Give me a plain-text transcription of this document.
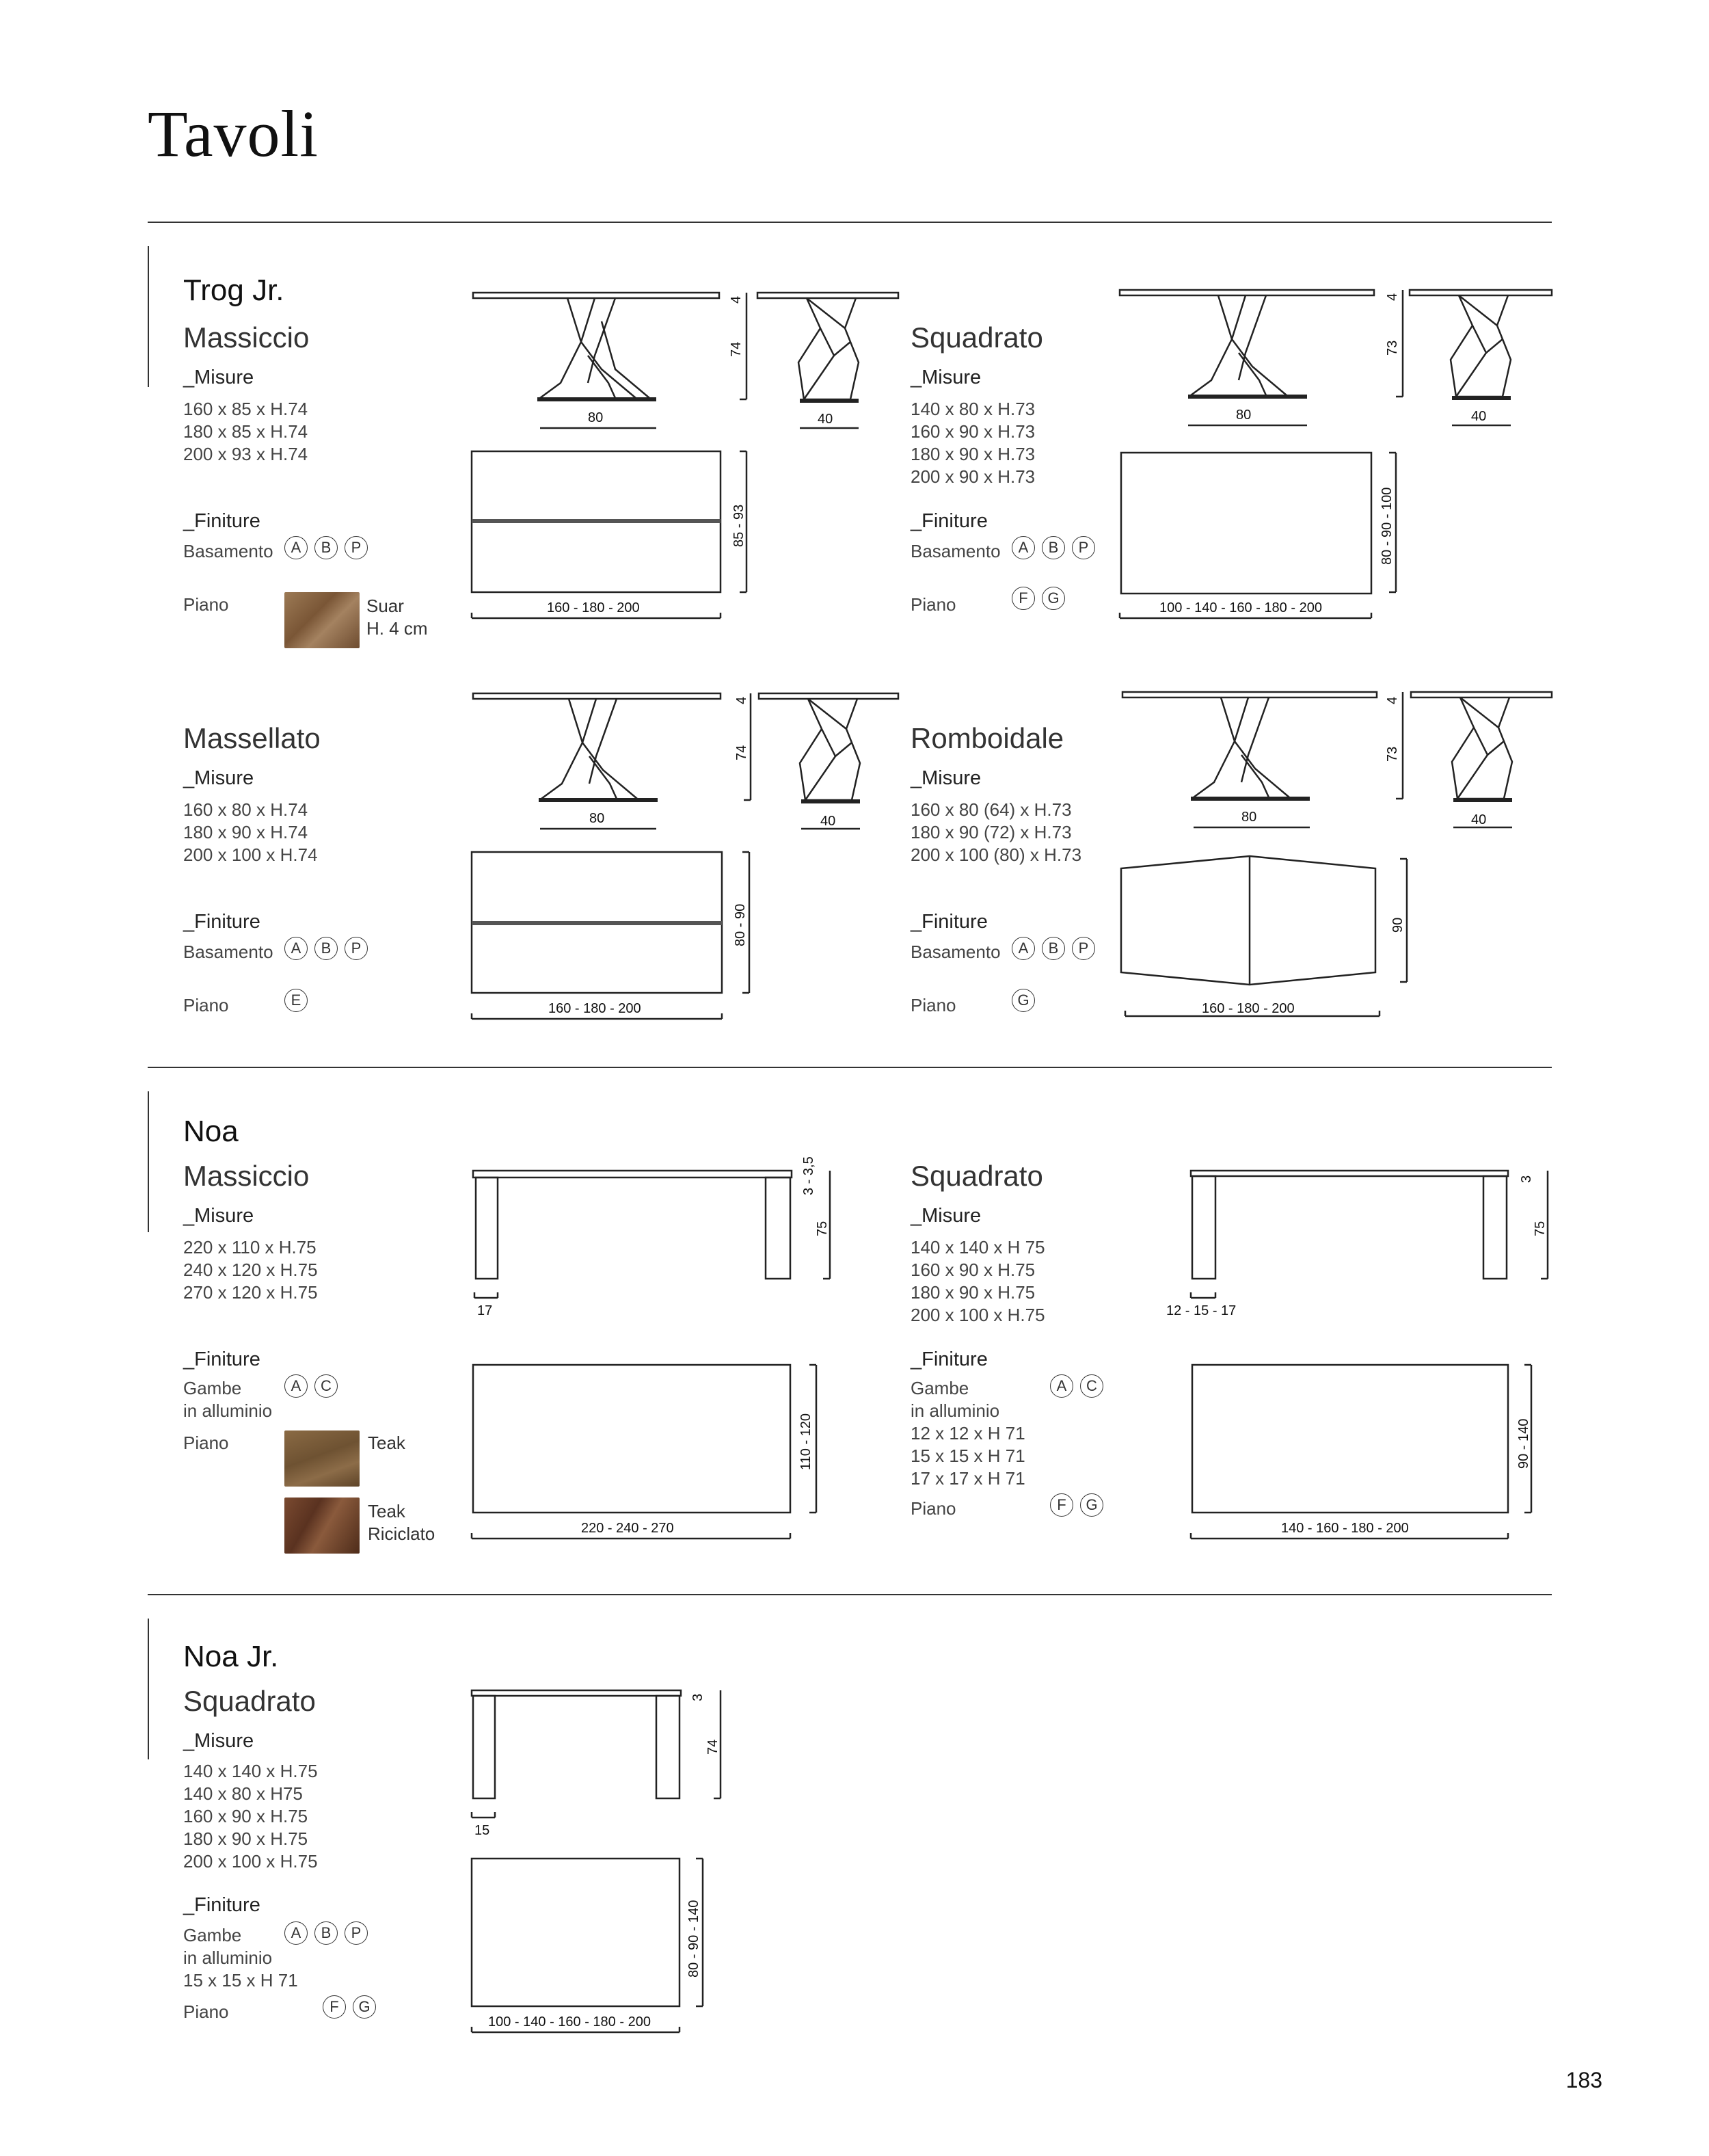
Tavoli
Trog Jr.
Massiccio
_Misure
160 x 85 x H.74
180 x 85 x H.74
200 x 93 x H.74
_Finiture
Basamento	A	B	P
Piano	Suar
H. 4 cm
80	40
4
74
85 - 93
160 - 180 - 200
Squadrato
_Misure
140 x 80 x H.73
160 x 90 x H.73
180 x 90 x H.73
200 x 90 x H.73
_Finiture
Basamento	A	B	P
Piano	F	G
80	40
4
73
80 - 90 - 100
100 - 140 - 160 - 180 - 200
Massellato
_Misure
160 x 80 x H.74
180 x 90 x H.74
200 x 100 x H.74
_Finiture
Basamento	A	B	P
Piano	E
80	40
4
74
80 - 90
160 - 180 - 200
Romboidale
_Misure
160 x 80 (64) x H.73
180 x 90 (72) x H.73
200 x 100 (80) x H.73
_Finiture
Basamento	A	B	P
Piano	G
80	40
4
73
90
160 - 180 - 200
Noa
Massiccio
_Misure
220 x 110 x H.75
240 x 120 x H.75
270 x 120 x H.75
_Finiture
Gambe
in alluminio
A	C
Piano	Teak
Teak
Riciclato
3 - 3,5
75
17
110 - 120
220 - 240 - 270
Squadrato
_Misure
140 x 140 x H 75
160 x 90 x H.75
180 x 90 x H.75
200 x 100 x H.75
_Finiture
Gambe
in alluminio
12 x 12 x H 71
15 x 15 x H 71
17 x 17 x H 71
A	C
Piano	F	G
3
75
12 - 15 - 17
90 - 140
140 - 160 - 180 - 200
Noa Jr.
Squadrato
_Misure
140 x 140 x H.75
140 x 80 x H75
160 x 90 x H.75
180 x 90 x H.75
200 x 100 x H.75
_Finiture
Gambe
in alluminio
15 x 15 x H 71
A	B	P
Piano	F	G
3
74
15
80 - 90 - 140
100 - 140 - 160 - 180 - 200
183
